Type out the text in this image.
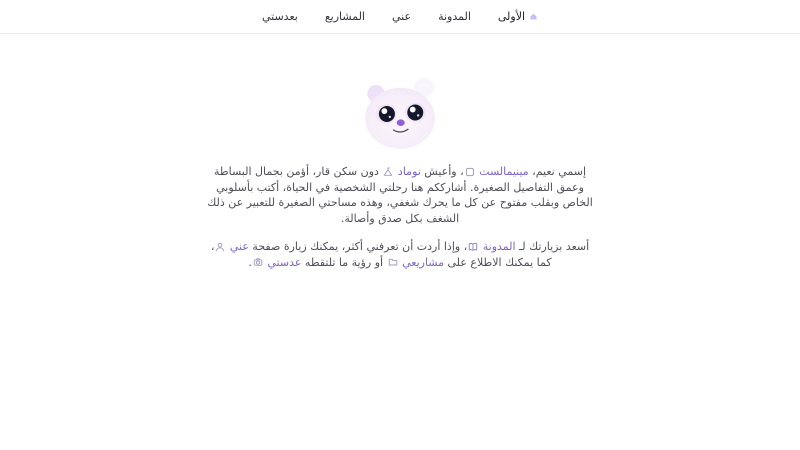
الأولى
المدونة
عني
المشاريع
بعدستي

إسمي نعيم، مينيمالست ، وأعيش نوماد  دون سكن قار، أؤمن بجمال البساطة وعمق التفاصيل الصغيرة. أشارككم هنا رحلتي الشخصية في الحياة، أكتب بأسلوبي الخاص وبقلب مفتوح عن كل ما يحرك شغفي، وهذه مساحتي الصغيرة للتعبير عن ذلك الشغف بكل صدق وأصالة.

أسعد بزيارتك لـ المدونة ، وإذا أردت أن تعرفني أكثر، يمكنك زيارة صفحة عني ، كما يمكنك الاطلاع على مشاريعي  أو رؤية ما تلتقطه عدستي .
